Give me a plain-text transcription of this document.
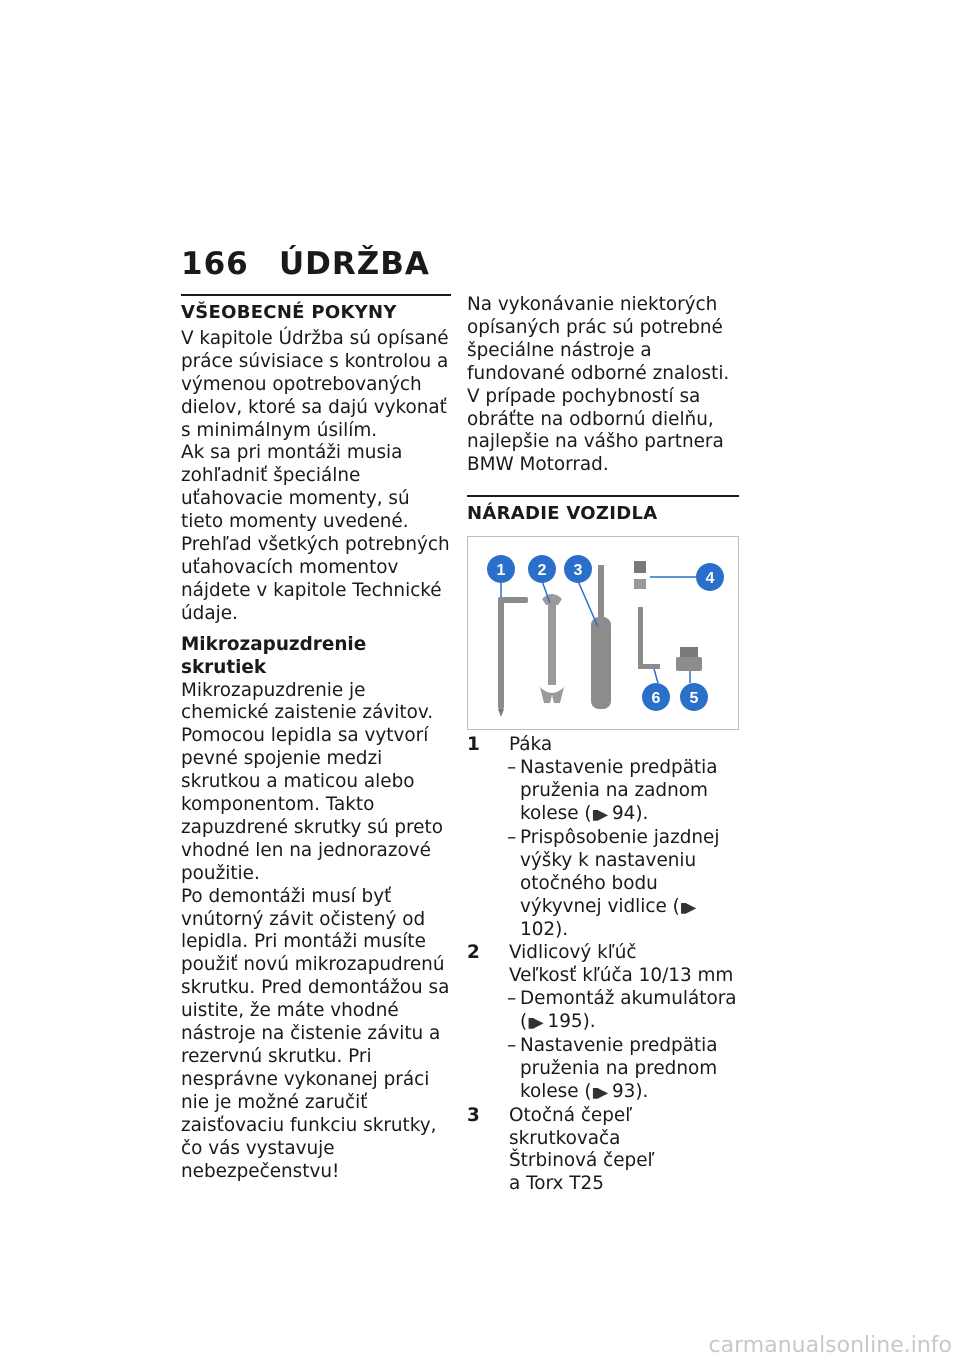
166 ÚDRŽBA
VŠEOBECNÉ POKYNY

V kapitole Údržba sú opísané práce súvisiace s kontrolou a výmenou opotrebovaných dielov, ktoré sa dajú vykonať s minimálnym úsilím.

Ak sa pri montáži musia zohľadniť špeciálne uťahovacie momenty, sú tieto momenty uvedené. Prehľad všetkých potrebných uťahovacích momentov nájdete v kapitole Technické údaje.

Mikrozapuzdrenie skrutiek

Mikrozapuzdrenie je chemické zaistenie závitov. Pomocou lepidla sa vytvorí pevné spojenie medzi skrutkou a maticou alebo komponentom. Takto zapuzdrené skrutky sú preto vhodné len na jednorazové použitie.

Po demontáži musí byť vnútorný závit očistený od lepidla. Pri montáži musíte použiť novú mikrozapudrenú skrutku. Pred demontážou sa uistite, že máte vhodné nástroje na čistenie závitu a rezervnú skrutku. Pri nesprávne vykonanej práci nie je možné zaručiť zaisťovaciu funkciu skrutky, čo vás vystavuje nebezpečenstvu!

Na vykonávanie niektorých opísaných prác sú potrebné špeciálne nástroje a fundované odborné znalosti. V prípade pochybností sa obráťte na odbornú dielňu, najlepšie na vášho partnera BMW Motorrad.

NÁRADIE VOZIDLA
1 2 3	4
5
6
1 Páka
– Nastavenie predpätia pruženia na zadnom kolese (▮▶ 94).
– Prispôsobenie jazdnej výšky k nastaveniu otočného bodu výkyvnej vidlice (▮▶ 102).
2 Vidlicový kľúč
Veľkosť kľúča 10/13 mm
– Demontáž akumulátora (▮▶ 195).
– Nastavenie predpätia pruženia na prednom kolese (▮▶ 93).
3 Otočná čepeľ skrutkovača
Štrbinová čepeľ
a Torx T25
carmanualsonline.info
